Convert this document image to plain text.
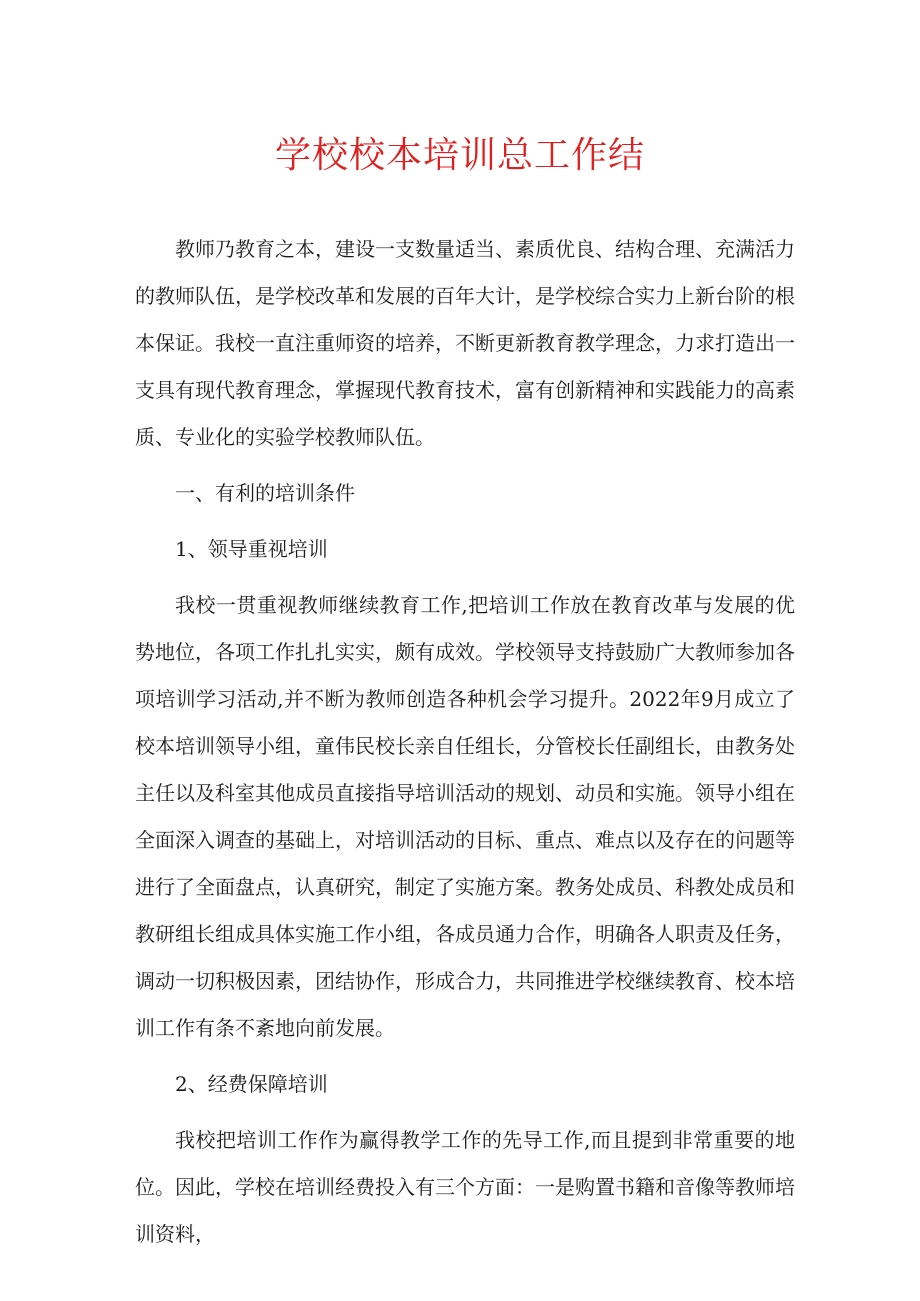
学校校本培训总工作结

教师乃教育之本，建设一支数量适当、素质优良、结构合理、充满活力的教师队伍，是学校改革和发展的百年大计，是学校综合实力上新台阶的根本保证。我校一直注重师资的培养，不断更新教育教学理念，力求打造出一支具有现代教育理念，掌握现代教育技术，富有创新精神和实践能力的高素质、专业化的实验学校教师队伍。

一、有利的培训条件

1、领导重视培训

我校一贯重视教师继续教育工作,把培训工作放在教育改革与发展的优势地位，各项工作扎扎实实，颇有成效。学校领导支持鼓励广大教师参加各项培训学习活动,并不断为教师创造各种机会学习提升。2022年9月成立了校本培训领导小组，童伟民校长亲自任组长，分管校长任副组长，由教务处主任以及科室其他成员直接指导培训活动的规划、动员和实施。领导小组在全面深入调查的基础上，对培训活动的目标、重点、难点以及存在的问题等进行了全面盘点，认真研究，制定了实施方案。教务处成员、科教处成员和教研组长组成具体实施工作小组，各成员通力合作，明确各人职责及任务，调动一切积极因素，团结协作，形成合力，共同推进学校继续教育、校本培训工作有条不紊地向前发展。

2、经费保障培训

我校把培训工作作为赢得教学工作的先导工作,而且提到非常重要的地位。因此，学校在培训经费投入有三个方面：一是购置书籍和音像等教师培训资料，
